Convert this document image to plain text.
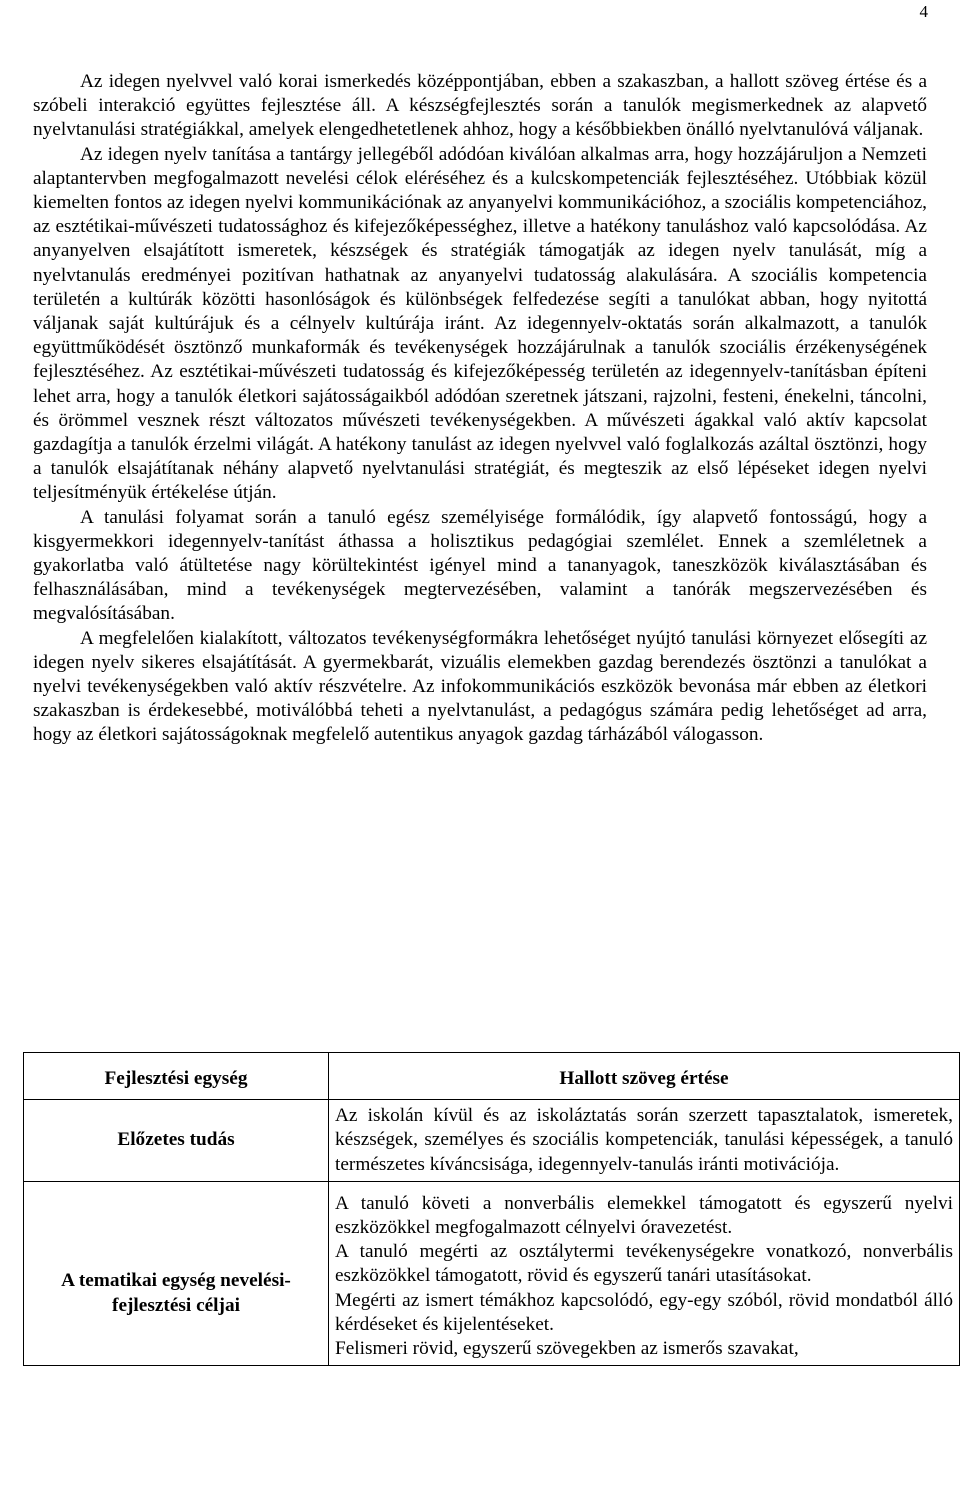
4

Az idegen nyelvvel való korai ismerkedés középpontjában, ebben a szakaszban, a hallott szöveg értése és a szóbeli interakció együttes fejlesztése áll. A készségfejlesztés során a tanulók megismerkednek az alapvető nyelvtanulási stratégiákkal, amelyek elengedhetetlenek ahhoz, hogy a későbbiekben önálló nyelvtanulóvá váljanak.

Az idegen nyelv tanítása a tantárgy jellegéből adódóan kiválóan alkalmas arra, hogy hozzájáruljon a Nemzeti alaptantervben megfogalmazott nevelési célok eléréséhez és a kulcskompetenciák fejlesztéséhez. Utóbbiak közül kiemelten fontos az idegen nyelvi kommunikációnak az anyanyelvi kommunikációhoz, a szociális kompetenciához, az esztétikai-művészeti tudatossághoz és kifejezőképességhez, illetve a hatékony tanuláshoz való kapcsolódása. Az anyanyelven elsajátított ismeretek, készségek és stratégiák támogatják az idegen nyelv tanulását, míg a nyelvtanulás eredményei pozitívan hathatnak az anyanyelvi tudatosság alakulására. A szociális kompetencia területén a kultúrák közötti hasonlóságok és különbségek felfedezése segíti a tanulókat abban, hogy nyitottá váljanak saját kultúrájuk és a célnyelv kultúrája iránt. Az idegennyelv-oktatás során alkalmazott, a tanulók együttműködését ösztönző munkaformák és tevékenységek hozzájárulnak a tanulók szociális érzékenységének fejlesztéséhez. Az esztétikai-művészeti tudatosság és kifejezőképesség területén az idegennyelv-tanításban építeni lehet arra, hogy a tanulók életkori sajátosságaikból adódóan szeretnek játszani, rajzolni, festeni, énekelni, táncolni, és örömmel vesznek részt változatos művészeti tevékenységekben. A művészeti ágakkal való aktív kapcsolat gazdagítja a tanulók érzelmi világát. A hatékony tanulást az idegen nyelvvel való foglalkozás azáltal ösztönzi, hogy a tanulók elsajátítanak néhány alapvető nyelvtanulási stratégiát, és megteszik az első lépéseket idegen nyelvi teljesítményük értékelése útján.

A tanulási folyamat során a tanuló egész személyisége formálódik, így alapvető fontosságú, hogy a kisgyermekkori idegennyelv-tanítást áthassa a holisztikus pedagógiai szemlélet. Ennek a szemléletnek a gyakorlatba való átültetése nagy körültekintést igényel mind a tananyagok, taneszközök kiválasztásában és felhasználásában, mind a tevékenységek megtervezésében, valamint a tanórák megszervezésében és megvalósításában.

A megfelelően kialakított, változatos tevékenységformákra lehetőséget nyújtó tanulási környezet elősegíti az idegen nyelv sikeres elsajátítását. A gyermekbarát, vizuális elemekben gazdag berendezés ösztönzi a tanulókat a nyelvi tevékenységekben való aktív részvételre. Az infokommunikációs eszközök bevonása már ebben az életkori szakaszban is érdekesebbé, motiválóbbá teheti a nyelvtanulást, a pedagógus számára pedig lehetőséget ad arra, hogy az életkori sajátosságoknak megfelelő autentikus anyagok gazdag tárházából válogasson.

Fejlesztési egység	Hallott szöveg értése
Előzetes tudás	Az iskolán kívül és az iskoláztatás során szerzett tapasztalatok, ismeretek, készségek, személyes és szociális kompetenciák, tanulási képességek, a tanuló természetes kíváncsisága, idegennyelv-tanulás iránti motivációja.
A tematikai egység nevelési-fejlesztési céljai	A tanuló követi a nonverbális elemekkel támogatott és egyszerű nyelvi eszközökkel megfogalmazott célnyelvi óravezetést.

A tanuló megérti az osztálytermi tevékenységekre vonatkozó, nonverbális eszközökkel támogatott, rövid és egyszerű tanári utasításokat.

Megérti az ismert témákhoz kapcsolódó, egy-egy szóból, rövid mondatból álló kérdéseket és kijelentéseket.

Felismeri rövid, egyszerű szövegekben az ismerős szavakat,
